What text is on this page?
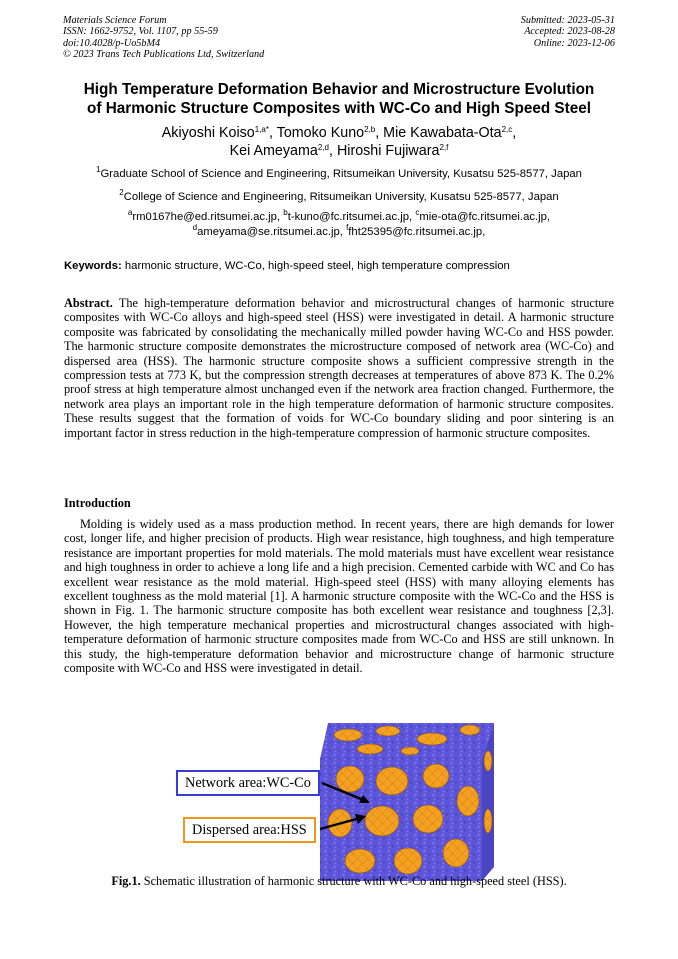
Materials Science Forum
ISSN: 1662-9752, Vol. 1107, pp 55-59
doi:10.4028/p-Uo5bM4
© 2023 Trans Tech Publications Ltd, Switzerland
Submitted: 2023-05-31
Accepted: 2023-08-28
Online: 2023-12-06
High Temperature Deformation Behavior and Microstructure Evolution
of Harmonic Structure Composites with WC-Co and High Speed Steel
Akiyoshi Koiso$^{1,a*}$, Tomoko Kuno$^{2,b}$, Mie Kawabata-Ota$^{2,c}$,
Kei Ameyama$^{2,d}$, Hiroshi Fujiwara$^{2,f}$
$^1$Graduate School of Science and Engineering, Ritsumeikan University, Kusatsu 525-8577, Japan
$^2$College of Science and Engineering, Ritsumeikan University, Kusatsu 525-8577, Japan
$^a$rm0167he@ed.ritsumei.ac.jp, $^b$t-kuno@fc.ritsumei.ac.jp, $^c$mie-ota@fc.ritsumei.ac.jp,
$^d$ameyama@se.ritsumei.ac.jp, $^f$fht25395@fc.ritsumei.ac.jp,
Keywords: harmonic structure, WC-Co, high-speed steel, high temperature compression

Abstract. The high-temperature deformation behavior and microstructural changes of harmonic structure composites with WC-Co alloys and high-speed steel (HSS) were investigated in detail. A harmonic structure composite was fabricated by consolidating the mechanically milled powder having WC-Co and HSS powder. The harmonic structure composite demonstrates the microstructure composed of network area (WC-Co) and dispersed area (HSS). The harmonic structure composite shows a sufficient compressive strength in the compression tests at 773 K, but the compression strength decreases at temperatures of above 873 K. The 0.2% proof stress at high temperature almost unchanged even if the network area fraction changed. Furthermore, the network area plays an important role in the high temperature deformation of harmonic structure composites. These results suggest that the formation of voids for WC-Co boundary sliding and poor sintering is an important factor in stress reduction in the high-temperature compression of harmonic structure composites.

Introduction

Molding is widely used as a mass production method. In recent years, there are high demands for lower cost, longer life, and higher precision of products. High wear resistance, high toughness, and high temperature resistance are important properties for mold materials. The mold materials must have excellent wear resistance and high toughness in order to achieve a long life and a high precision. Cemented carbide with WC and Co has excellent wear resistance as the mold material. High-speed steel (HSS) with many alloying elements has excellent toughness as the mold material [1]. A harmonic structure composite with the WC-Co and the HSS is shown in Fig. 1. The harmonic structure composite has both excellent wear resistance and toughness [2,3]. However, the high temperature mechanical properties and microstructural changes associated with high-temperature deformation of harmonic structure composites made from WC-Co and HSS are still unknown. In this study, the high-temperature deformation behavior and microstructure change of harmonic structure composite with WC-Co and HSS were investigated in detail.

Network area:WC-Co
Dispersed area:HSS
Fig.1. Schematic illustration of harmonic structure with WC-Co and high-speed steel (HSS).
